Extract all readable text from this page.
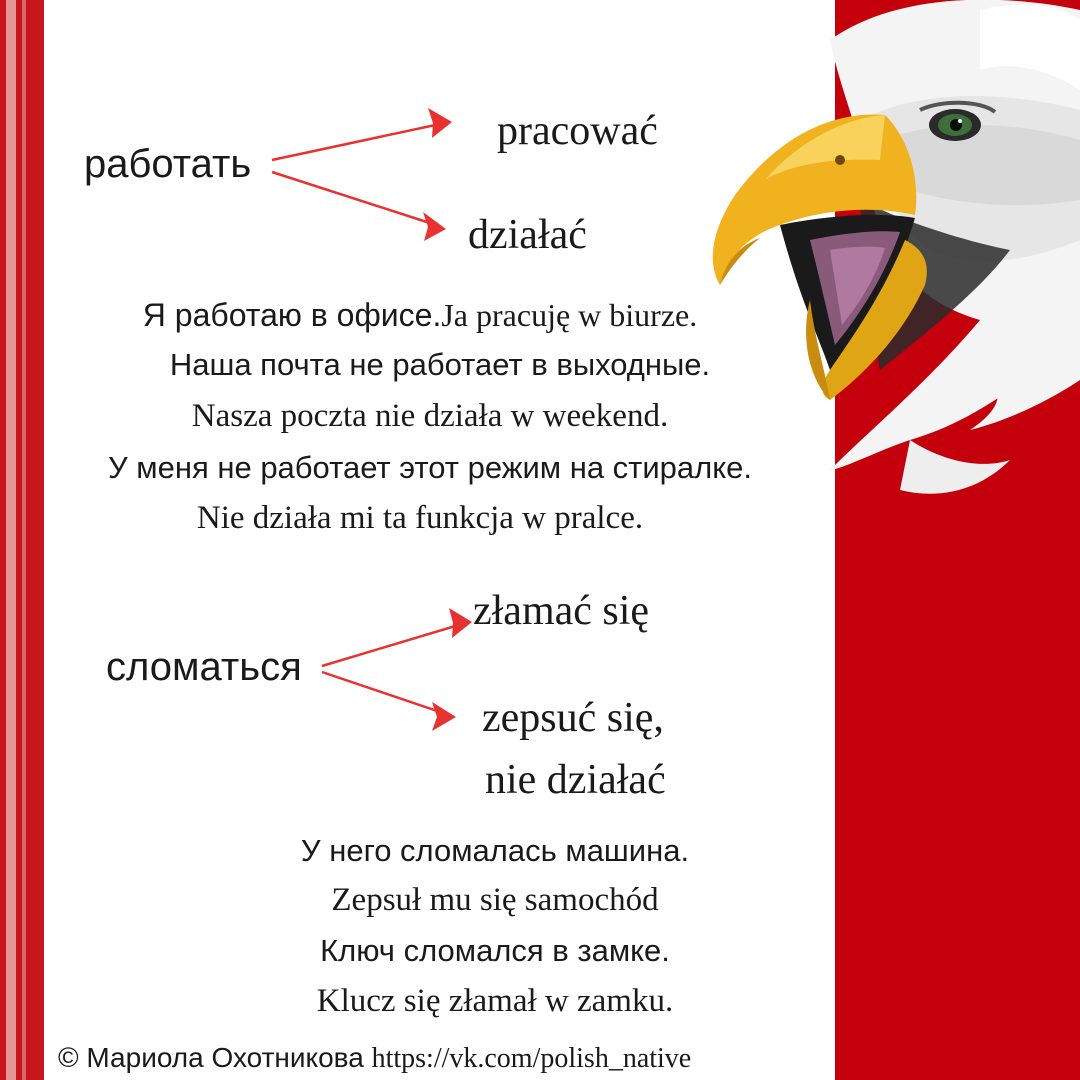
работать
pracować
działać
Я работаю в офисе.Ja pracuję w biurze.
Наша почта не работает в выходные.
Nasza poczta nie działa w weekend.
У меня не работает этот режим на стиралке.
Nie działa mi ta funkcja w pralce.
сломаться
złamać się
zepsuć się,
nie działać
У него сломалась машина.
Zepsuł mu się samochód
Ключ сломался в замке.
Klucz się złamał w zamku.
© Мариола Охотникова https://vk.com/polish_native
